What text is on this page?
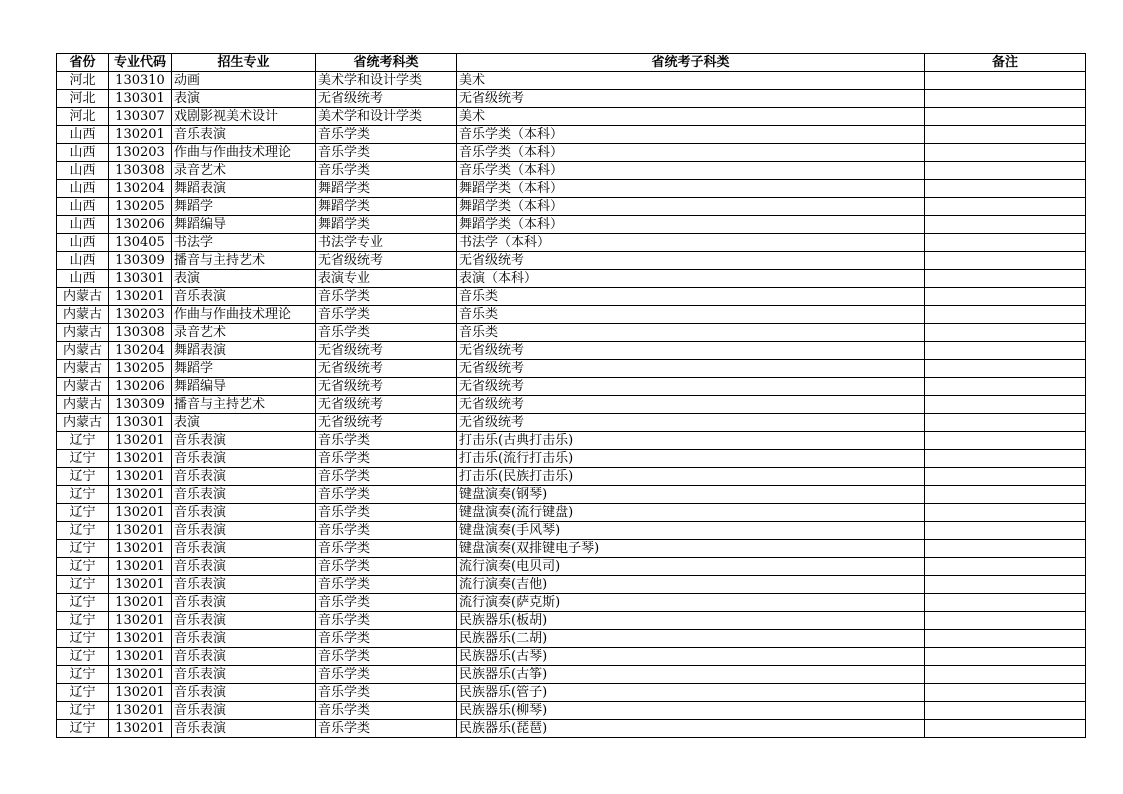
省份	专业代码	招生专业	省统考科类	省统考子科类	备注
河北	130310	动画	美术学和设计学类	美术	
河北	130301	表演	无省级统考	无省级统考	
河北	130307	戏剧影视美术设计	美术学和设计学类	美术	
山西	130201	音乐表演	音乐学类	音乐学类（本科）	
山西	130203	作曲与作曲技术理论	音乐学类	音乐学类（本科）	
山西	130308	录音艺术	音乐学类	音乐学类（本科）	
山西	130204	舞蹈表演	舞蹈学类	舞蹈学类（本科）	
山西	130205	舞蹈学	舞蹈学类	舞蹈学类（本科）	
山西	130206	舞蹈编导	舞蹈学类	舞蹈学类（本科）	
山西	130405	书法学	书法学专业	书法学（本科）	
山西	130309	播音与主持艺术	无省级统考	无省级统考	
山西	130301	表演	表演专业	表演（本科）	
内蒙古	130201	音乐表演	音乐学类	音乐类	
内蒙古	130203	作曲与作曲技术理论	音乐学类	音乐类	
内蒙古	130308	录音艺术	音乐学类	音乐类	
内蒙古	130204	舞蹈表演	无省级统考	无省级统考	
内蒙古	130205	舞蹈学	无省级统考	无省级统考	
内蒙古	130206	舞蹈编导	无省级统考	无省级统考	
内蒙古	130309	播音与主持艺术	无省级统考	无省级统考	
内蒙古	130301	表演	无省级统考	无省级统考	
辽宁	130201	音乐表演	音乐学类	打击乐(古典打击乐)	
辽宁	130201	音乐表演	音乐学类	打击乐(流行打击乐)	
辽宁	130201	音乐表演	音乐学类	打击乐(民族打击乐)	
辽宁	130201	音乐表演	音乐学类	键盘演奏(钢琴)	
辽宁	130201	音乐表演	音乐学类	键盘演奏(流行键盘)	
辽宁	130201	音乐表演	音乐学类	键盘演奏(手风琴)	
辽宁	130201	音乐表演	音乐学类	键盘演奏(双排键电子琴)	
辽宁	130201	音乐表演	音乐学类	流行演奏(电贝司)	
辽宁	130201	音乐表演	音乐学类	流行演奏(吉他)	
辽宁	130201	音乐表演	音乐学类	流行演奏(萨克斯)	
辽宁	130201	音乐表演	音乐学类	民族器乐(板胡)	
辽宁	130201	音乐表演	音乐学类	民族器乐(二胡)	
辽宁	130201	音乐表演	音乐学类	民族器乐(古琴)	
辽宁	130201	音乐表演	音乐学类	民族器乐(古筝)	
辽宁	130201	音乐表演	音乐学类	民族器乐(管子)	
辽宁	130201	音乐表演	音乐学类	民族器乐(柳琴)	
辽宁	130201	音乐表演	音乐学类	民族器乐(琵琶)	
